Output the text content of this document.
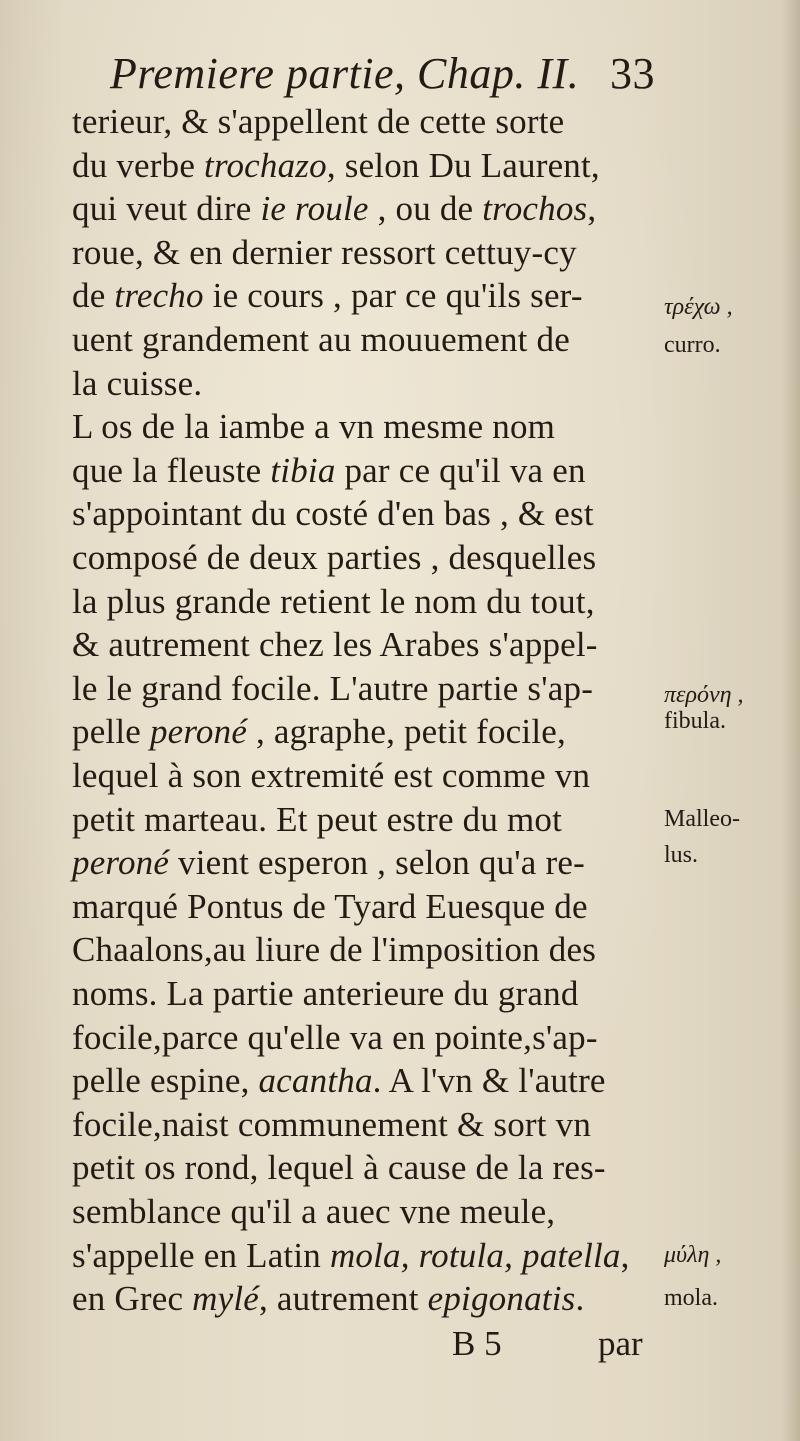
Premiere partie, Chap. II. 33
terieur, & s'appellent de cette sorte
du verbe trochazo, selon Du Laurent,
qui veut dire ie roule , ou de trochos,
roue, & en dernier ressort cettuy-cy
de trecho ie cours , par ce qu'ils ser-
uent grandement au mouuement de
la cuisse.
L os de la iambe a vn mesme nom
que la fleuste tibia par ce qu'il va en
s'appointant du costé d'en bas , & est
composé de deux parties , desquelles
la plus grande retient le nom du tout,
& autrement chez les Arabes s'appel-
le le grand focile. L'autre partie s'ap-
pelle peroné , agraphe, petit focile,
lequel à son extremité est comme vn
petit marteau. Et peut estre du mot
peroné vient esperon , selon qu'a re-
marqué Pontus de Tyard Euesque de
Chaalons,au liure de l'imposition des
noms. La partie anterieure du grand
focile,parce qu'elle va en pointe,s'ap-
pelle espine, acantha. A l'vn & l'autre
focile,naist communement & sort vn
petit os rond, lequel à cause de la res-
semblance qu'il a auec vne meule,
s'appelle en Latin mola, rotula, patella,
en Grec mylé, autrement epigonatis.
τρέχω ,
curro.
περόνη ,
fibula.
Malleo-
lus.
μύλη ,
mola.
B 5	par
